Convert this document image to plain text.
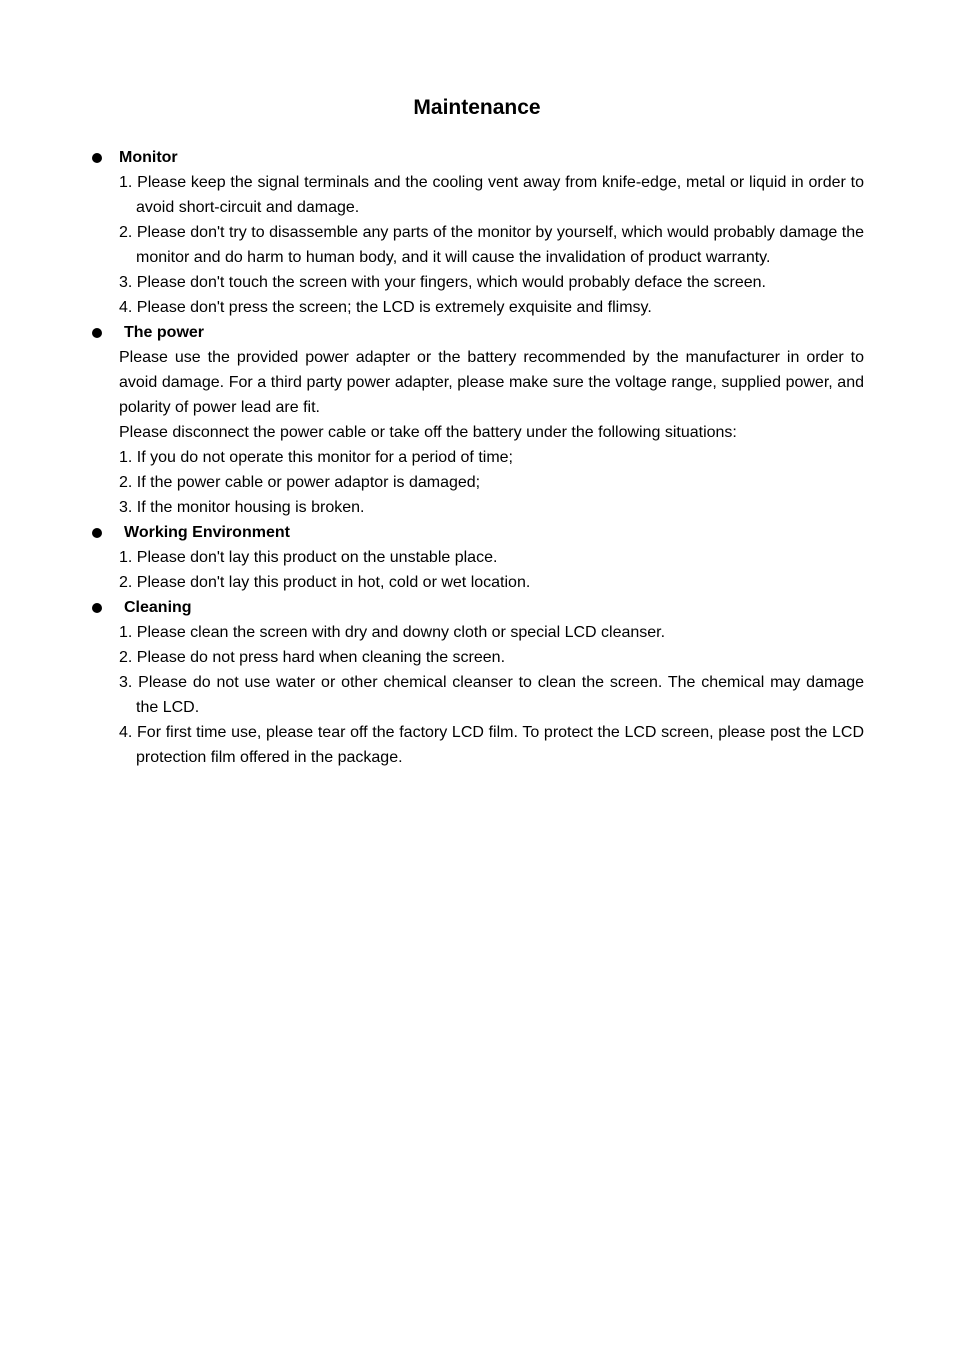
Maintenance
Monitor
1. Please keep the signal terminals and the cooling vent away from knife-edge, metal or liquid in order to avoid short-circuit and damage.
2. Please don't try to disassemble any parts of the monitor by yourself, which would probably damage the monitor and do harm to human body, and it will cause the invalidation of product warranty.
3. Please don't touch the screen with your fingers, which would probably deface the screen.
4. Please don't press the screen; the LCD is extremely exquisite and flimsy.
The power
Please use the provided power adapter or the battery recommended by the manufacturer in order to avoid damage. For a third party power adapter, please make sure the voltage range, supplied power, and polarity of power lead are fit.
Please disconnect the power cable or take off the battery under the following situations:
1. If you do not operate this monitor for a period of time;
2. If the power cable or power adaptor is damaged;
3. If the monitor housing is broken.
Working Environment
1. Please don't lay this product on the unstable place.
2. Please don't lay this product in hot, cold or wet location.
Cleaning
1. Please clean the screen with dry and downy cloth or special LCD cleanser.
2. Please do not press hard when cleaning the screen.
3. Please do not use water or other chemical cleanser to clean the screen. The chemical may damage the LCD.
4. For first time use, please tear off the factory LCD film. To protect the LCD screen, please post the LCD protection film offered in the package.
